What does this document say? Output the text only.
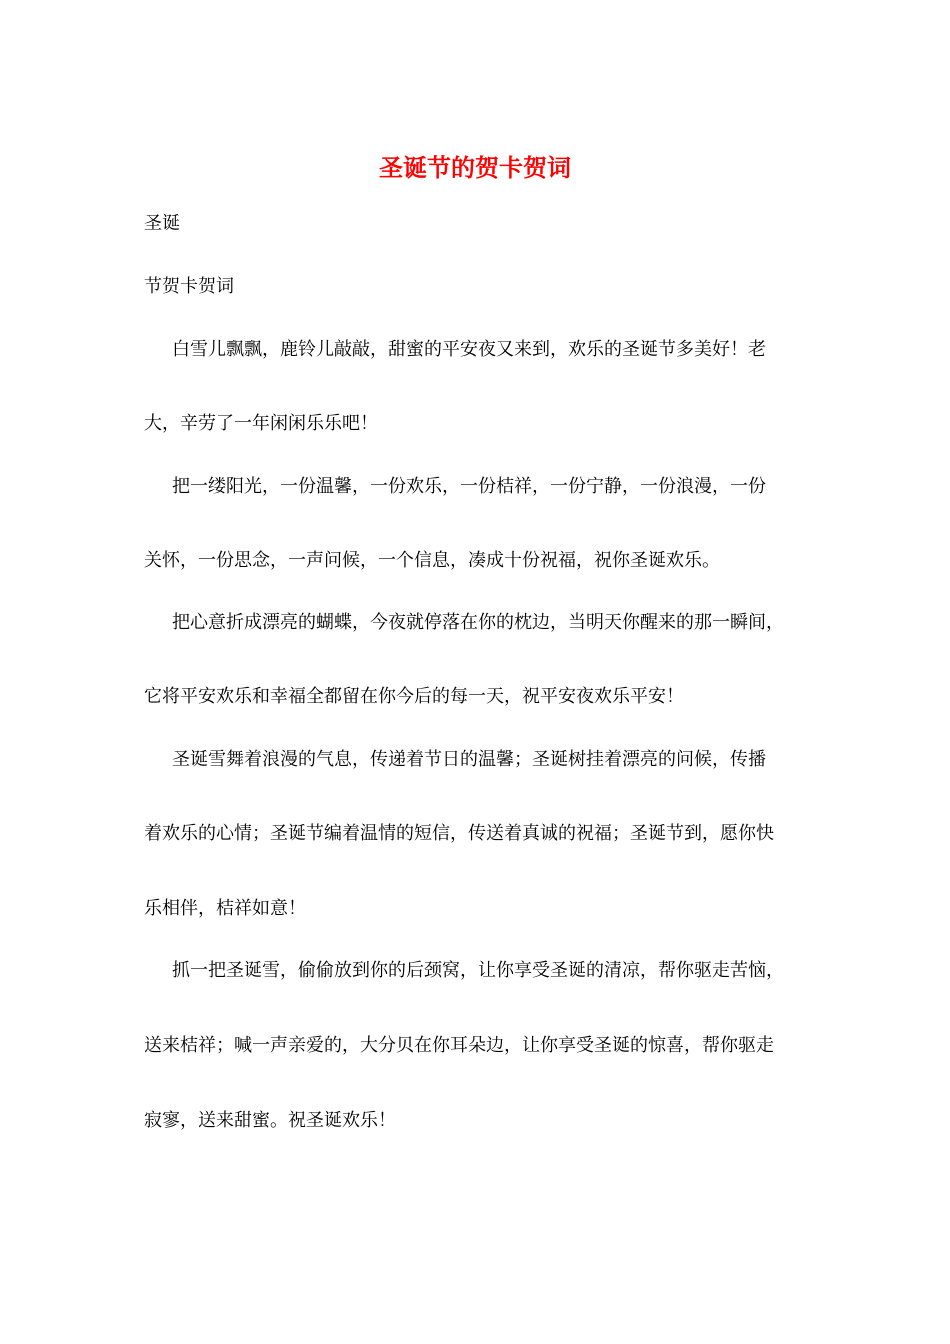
圣诞节的贺卡贺词
圣诞
节贺卡贺词
白雪儿飘飘，鹿铃儿敲敲，甜蜜的平安夜又来到，欢乐的圣诞节多美好！老
大，辛劳了一年闲闲乐乐吧！
把一缕阳光，一份温馨，一份欢乐，一份桔祥，一份宁静，一份浪漫，一份
关怀，一份思念，一声问候，一个信息，凑成十份祝福，祝你圣诞欢乐。
把心意折成漂亮的蝴蝶，今夜就停落在你的枕边，当明天你醒来的那一瞬间，
它将平安欢乐和幸福全都留在你今后的每一天，祝平安夜欢乐平安！
圣诞雪舞着浪漫的气息，传递着节日的温馨；圣诞树挂着漂亮的问候，传播
着欢乐的心情；圣诞节编着温情的短信，传送着真诚的祝福；圣诞节到，愿你快
乐相伴，桔祥如意！
抓一把圣诞雪，偷偷放到你的后颈窝，让你享受圣诞的清凉，帮你驱走苦恼，
送来桔祥；喊一声亲爱的，大分贝在你耳朵边，让你享受圣诞的惊喜，帮你驱走
寂寥，送来甜蜜。祝圣诞欢乐！
